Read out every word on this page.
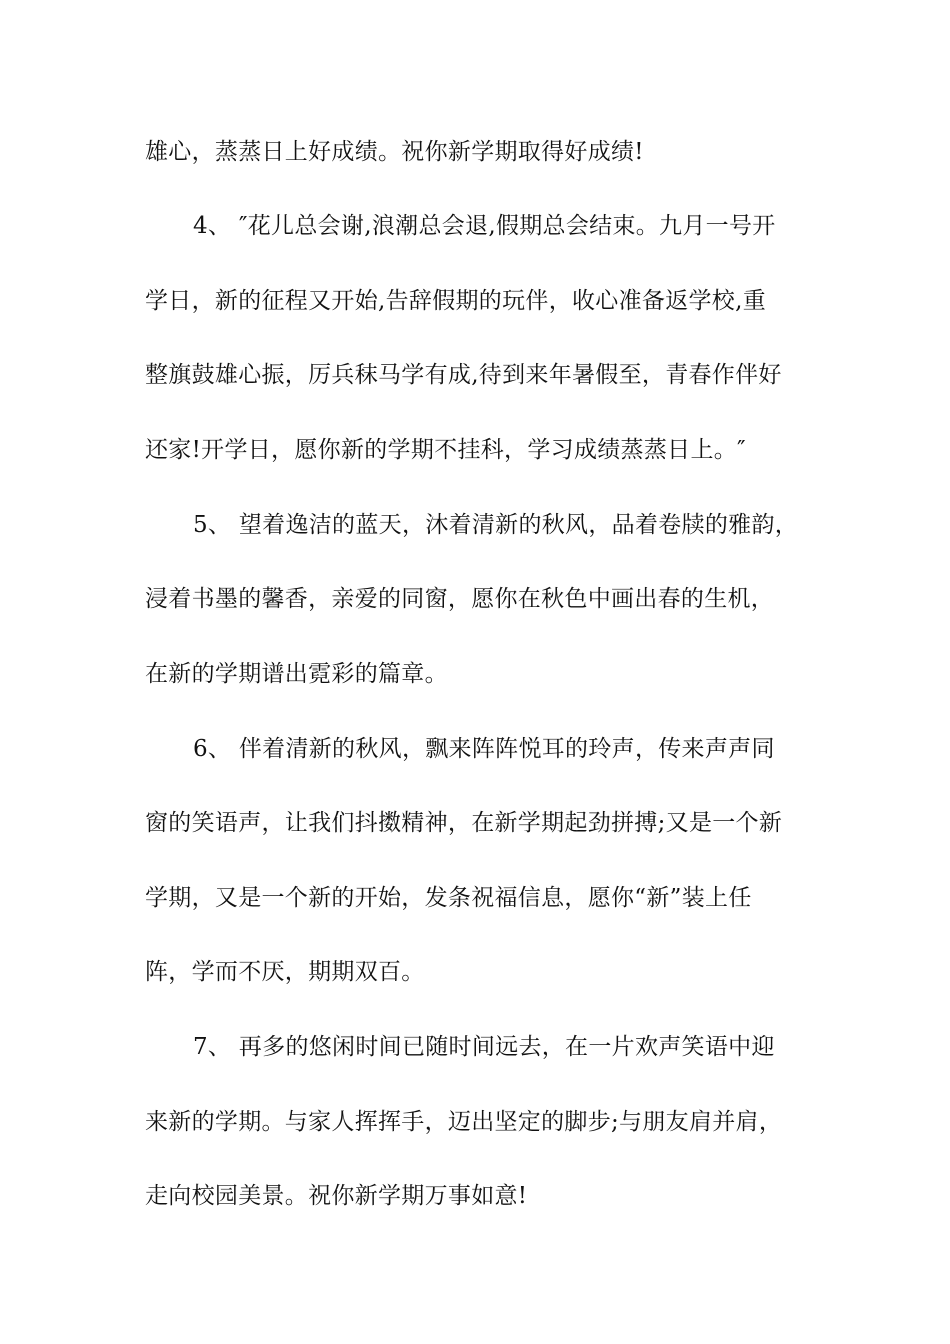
雄心，蒸蒸日上好成绩。祝你新学期取得好成绩!
4、 ″花儿总会谢,浪潮总会退,假期总会结束。九月一号开
学日，新的征程又开始,告辞假期的玩伴，收心准备返学校,重
整旗鼓雄心振，厉兵秣马学有成,待到来年暑假至，青春作伴好
还家!开学日，愿你新的学期不挂科，学习成绩蒸蒸日上。″
5、 望着逸洁的蓝天，沐着清新的秋风，品着卷牍的雅韵，
浸着书墨的馨香，亲爱的同窗，愿你在秋色中画出春的生机，
在新的学期谱出霓彩的篇章。
6、 伴着清新的秋风，飘来阵阵悦耳的玲声，传来声声同
窗的笑语声，让我们抖擞精神，在新学期起劲拼搏;又是一个新
学期，又是一个新的开始，发条祝福信息，愿你“新”装上任
阵，学而不厌，期期双百。
7、 再多的悠闲时间已随时间远去，在一片欢声笑语中迎
来新的学期。与家人挥挥手，迈出坚定的脚步;与朋友肩并肩，
走向校园美景。祝你新学期万事如意!
